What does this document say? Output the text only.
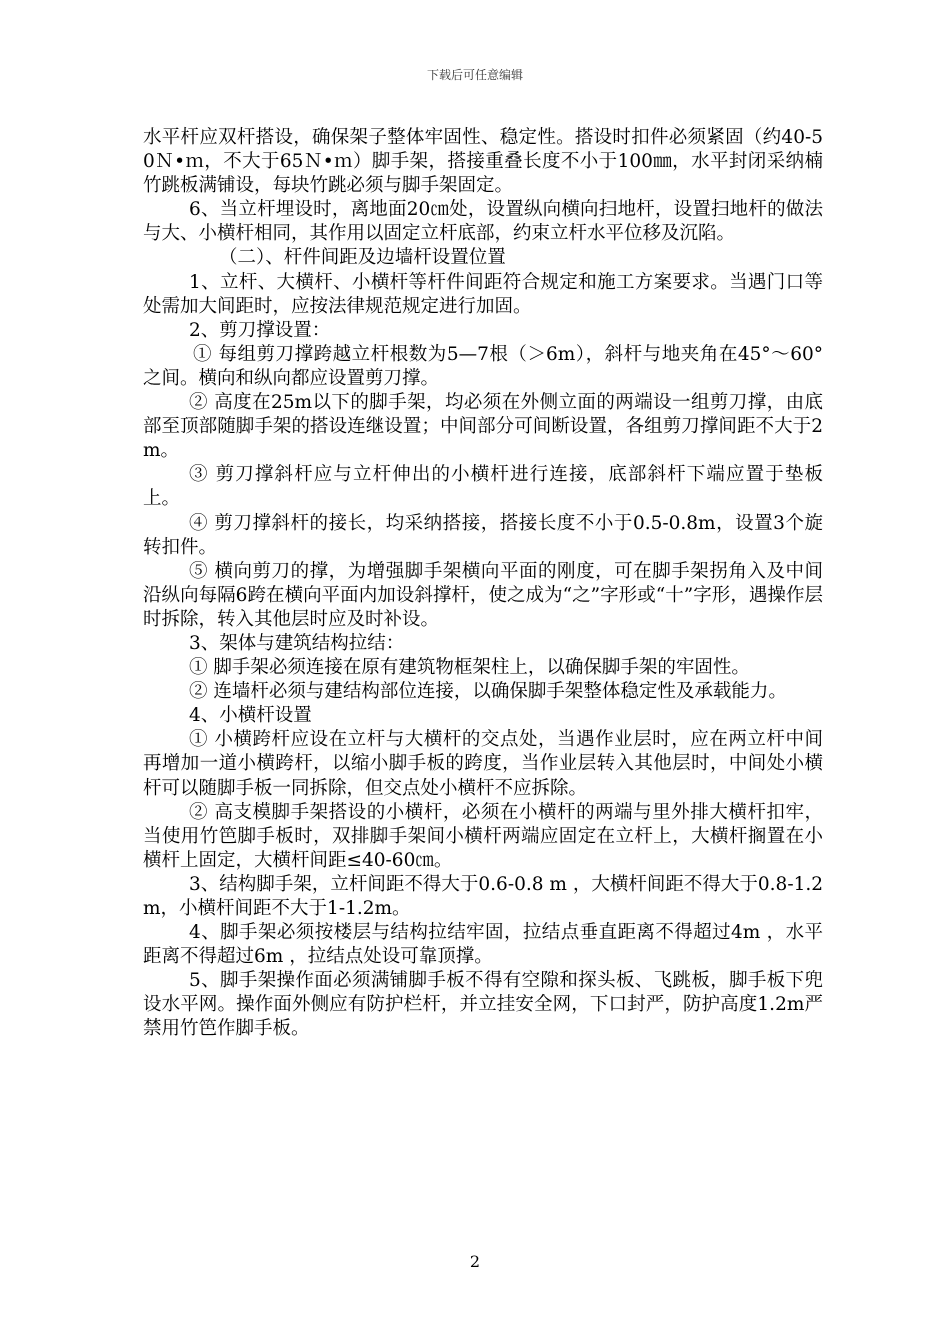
下载后可任意编辑

水平杆应双杆搭设，确保架子整体牢固性、稳定性。搭设时扣件必须紧固（约40-50Ｎ•ｍ，不大于65Ｎ•ｍ）脚手架，搭接重叠长度不小于100㎜，水平封闭采纳楠竹跳板满铺设，每块竹跳必须与脚手架固定。

6、当立杆埋设时，离地面20㎝处，设置纵向横向扫地杆，设置扫地杆的做法与大、小横杆相同，其作用以固定立杆底部，约束立杆水平位移及沉陷。

（二）、杆件间距及边墙杆设置位置

1、立杆、大横杆、小横杆等杆件间距符合规定和施工方案要求。当遇门口等处需加大间距时，应按法律规范规定进行加固。

2、剪刀撑设置：

① 每组剪刀撑跨越立杆根数为5—7根（＞6m），斜杆与地夹角在45°～60°之间。横向和纵向都应设置剪刀撑。

② 高度在25m以下的脚手架，均必须在外侧立面的两端设一组剪刀撑，由底部至顶部随脚手架的搭设连继设置；中间部分可间断设置，各组剪刀撑间距不大于2m。

③ 剪刀撑斜杆应与立杆伸出的小横杆进行连接，底部斜杆下端应置于垫板上。

④ 剪刀撑斜杆的接长，均采纳搭接，搭接长度不小于0.5-0.8m，设置3个旋转扣件。

⑤ 横向剪刀的撑，为增强脚手架横向平面的刚度，可在脚手架拐角入及中间沿纵向每隔6跨在横向平面内加设斜撑杆，使之成为“之”字形或“十”字形，遇操作层时拆除，转入其他层时应及时补设。

3、架体与建筑结构拉结：

① 脚手架必须连接在原有建筑物框架柱上，以确保脚手架的牢固性。

② 连墙杆必须与建结构部位连接，以确保脚手架整体稳定性及承载能力。

4、小横杆设置

① 小横跨杆应设在立杆与大横杆的交点处，当遇作业层时，应在两立杆中间再增加一道小横跨杆，以缩小脚手板的跨度，当作业层转入其他层时，中间处小横杆可以随脚手板一同拆除，但交点处小横杆不应拆除。

② 高支模脚手架搭设的小横杆，必须在小横杆的两端与里外排大横杆扣牢，当使用竹笆脚手板时，双排脚手架间小横杆两端应固定在立杆上，大横杆搁置在小横杆上固定，大横杆间距≤40-60㎝。

3、结构脚手架，立杆间距不得大于0.6-0.8 m ，大横杆间距不得大于0.8-1.2m，小横杆间距不大于1-1.2m。

4、脚手架必须按楼层与结构拉结牢固，拉结点垂直距离不得超过4m ，水平距离不得超过6m ，拉结点处设可靠顶撑。

5、脚手架操作面必须满铺脚手板不得有空隙和探头板、飞跳板，脚手板下兜设水平网。操作面外侧应有防护栏杆，并立挂安全网，下口封严，防护高度1.2m严禁用竹笆作脚手板。

2
